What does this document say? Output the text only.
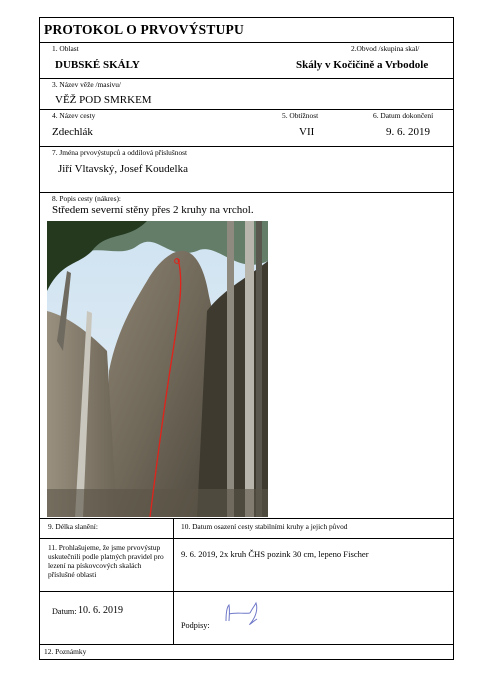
PROTOKOL O PRVOVÝSTUPU
1. Oblast
DUBSKÉ SKÁLY
2.Obvod /skupina skal/
Skály v Kočičině a Vrbodole
3. Název věže /masivu/
VĚŽ POD SMRKEM
4. Název cesty
Zdechlák
5. Obtížnost
VII
6. Datum dokončení
9. 6. 2019
7. Jména prvovýstupců a oddílová příslušnost
Jiří Vltavský, Josef Koudelka
8. Popis cesty (nákres):
Středem severní stěny přes 2 kruhy na vrchol.
9. Délka slanění:	10. Datum osazení cesty stabilními kruhy a jejich původ
11. Prohlašujeme, že jsme prvovýstup uskutečnili podle platných pravidel pro lezení na pískovcových skalách příslušné oblasti
9. 6. 2019, 2x kruh ČHS pozink 30 cm, lepeno Fischer
Datum: 10. 6. 2019
Podpisy:
12. Poznámky
